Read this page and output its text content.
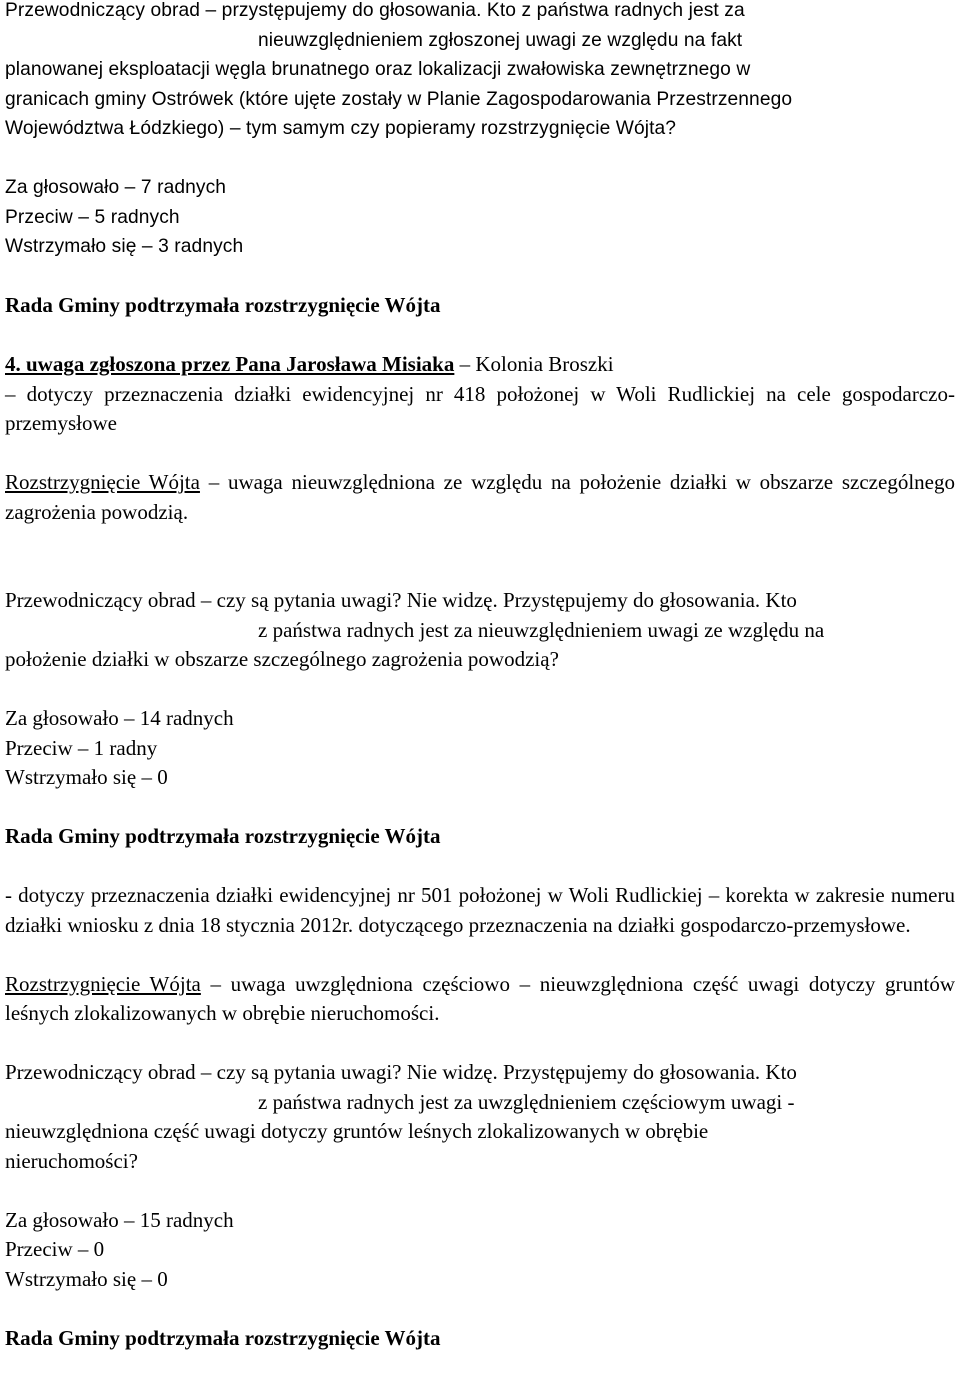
Przewodniczący obrad – przystępujemy do głosowania. Kto z państwa radnych jest za

nieuwzględnieniem zgłoszonej uwagi ze względu na fakt

planowanej eksploatacji węgla brunatnego oraz lokalizacji zwałowiska zewnętrznego w

granicach gminy Ostrówek (które ujęte zostały w Planie Zagospodarowania Przestrzennego

Województwa Łódzkiego) – tym samym czy popieramy rozstrzygnięcie Wójta?

Za głosowało – 7 radnych

Przeciw – 5 radnych

Wstrzymało się – 3 radnych

Rada Gminy podtrzymała rozstrzygnięcie Wójta

4. uwaga zgłoszona przez Pana Jarosława Misiaka – Kolonia Broszki

– dotyczy przeznaczenia działki ewidencyjnej nr 418 położonej w Woli Rudlickiej na cele gospodarczo-przemysłowe

Rozstrzygnięcie Wójta – uwaga nieuwzględniona ze względu na położenie działki w obszarze szczególnego zagrożenia powodzią.

Przewodniczący obrad – czy są pytania uwagi? Nie widzę. Przystępujemy do głosowania. Kto

z państwa radnych jest za nieuwzględnieniem uwagi ze względu na

położenie działki w obszarze szczególnego zagrożenia powodzią?

Za głosowało – 14 radnych

Przeciw – 1 radny

Wstrzymało się – 0

Rada Gminy podtrzymała rozstrzygnięcie Wójta

- dotyczy przeznaczenia działki ewidencyjnej nr 501 położonej w Woli Rudlickiej – korekta w zakresie numeru działki wniosku z dnia 18 stycznia 2012r. dotyczącego przeznaczenia na działki gospodarczo-przemysłowe.

Rozstrzygnięcie Wójta – uwaga uwzględniona częściowo – nieuwzględniona część uwagi dotyczy gruntów leśnych zlokalizowanych w obrębie nieruchomości.

Przewodniczący obrad – czy są pytania uwagi? Nie widzę. Przystępujemy do głosowania. Kto

z państwa radnych jest za uwzględnieniem częściowym uwagi -

nieuwzględniona część uwagi dotyczy gruntów leśnych zlokalizowanych w obrębie

nieruchomości?

Za głosowało – 15 radnych

Przeciw – 0

Wstrzymało się – 0

Rada Gminy podtrzymała rozstrzygnięcie Wójta
